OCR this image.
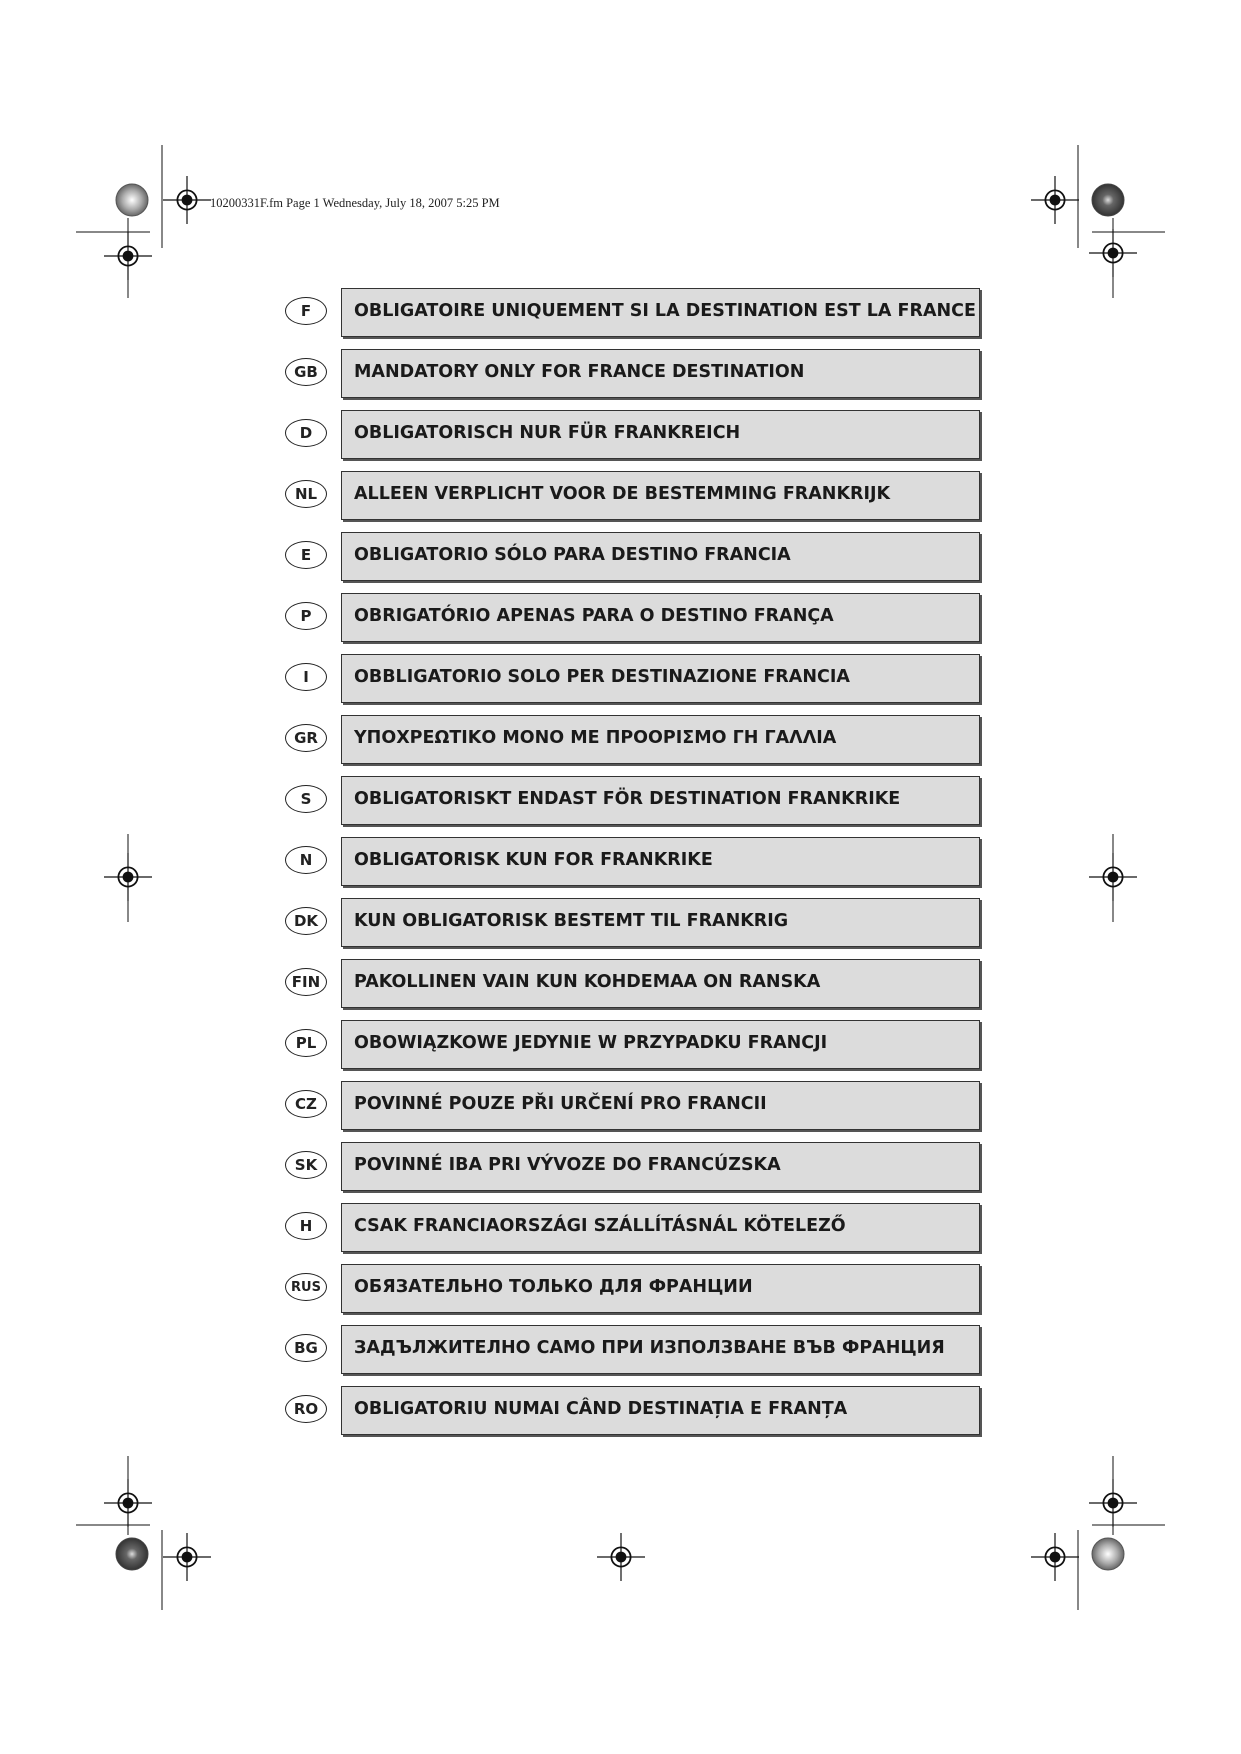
10200331F.fm Page 1 Wednesday, July 18, 2007 5:25 PM
F	OBLIGATOIRE UNIQUEMENT SI LA DESTINATION EST LA FRANCE
GB	MANDATORY ONLY FOR FRANCE DESTINATION
D	OBLIGATORISCH NUR FÜR FRANKREICH
NL	ALLEEN VERPLICHT VOOR DE BESTEMMING FRANKRIJK
E	OBLIGATORIO SÓLO PARA DESTINO FRANCIA
P	OBRIGATÓRIO APENAS PARA O DESTINO FRANÇA
I	OBBLIGATORIO SOLO PER DESTINAZIONE FRANCIA
GR	ΥΠΟΧΡΕΩΤΙΚΟ ΜΟΝΟ ΜΕ ΠΡΟΟΡΙΣΜΟ ΓΗ ΓΑΛΛΙΑ
S	OBLIGATORISKT ENDAST FÖR DESTINATION FRANKRIKE
N	OBLIGATORISK KUN FOR FRANKRIKE
DK	KUN OBLIGATORISK BESTEMT TIL FRANKRIG
FIN	PAKOLLINEN VAIN KUN KOHDEMAA ON RANSKA
PL	OBOWIĄZKOWE JEDYNIE W PRZYPADKU FRANCJI
CZ	POVINNÉ POUZE PŘI URČENÍ PRO FRANCII
SK	POVINNÉ IBA PRI VÝVOZE DO FRANCÚZSKA
H	CSAK FRANCIAORSZÁGI SZÁLLÍTÁSNÁL KÖTELEZŐ
RUS	ОБЯЗАТЕЛЬНО ТОЛЬКО ДЛЯ ФРАНЦИИ
BG	ЗАДЪЛЖИТЕЛНО САМО ПРИ ИЗПОЛЗВАНЕ ВЪВ ФРАНЦИЯ
RO	OBLIGATORIU NUMAI CÂND DESTINAȚIA E FRANȚA
